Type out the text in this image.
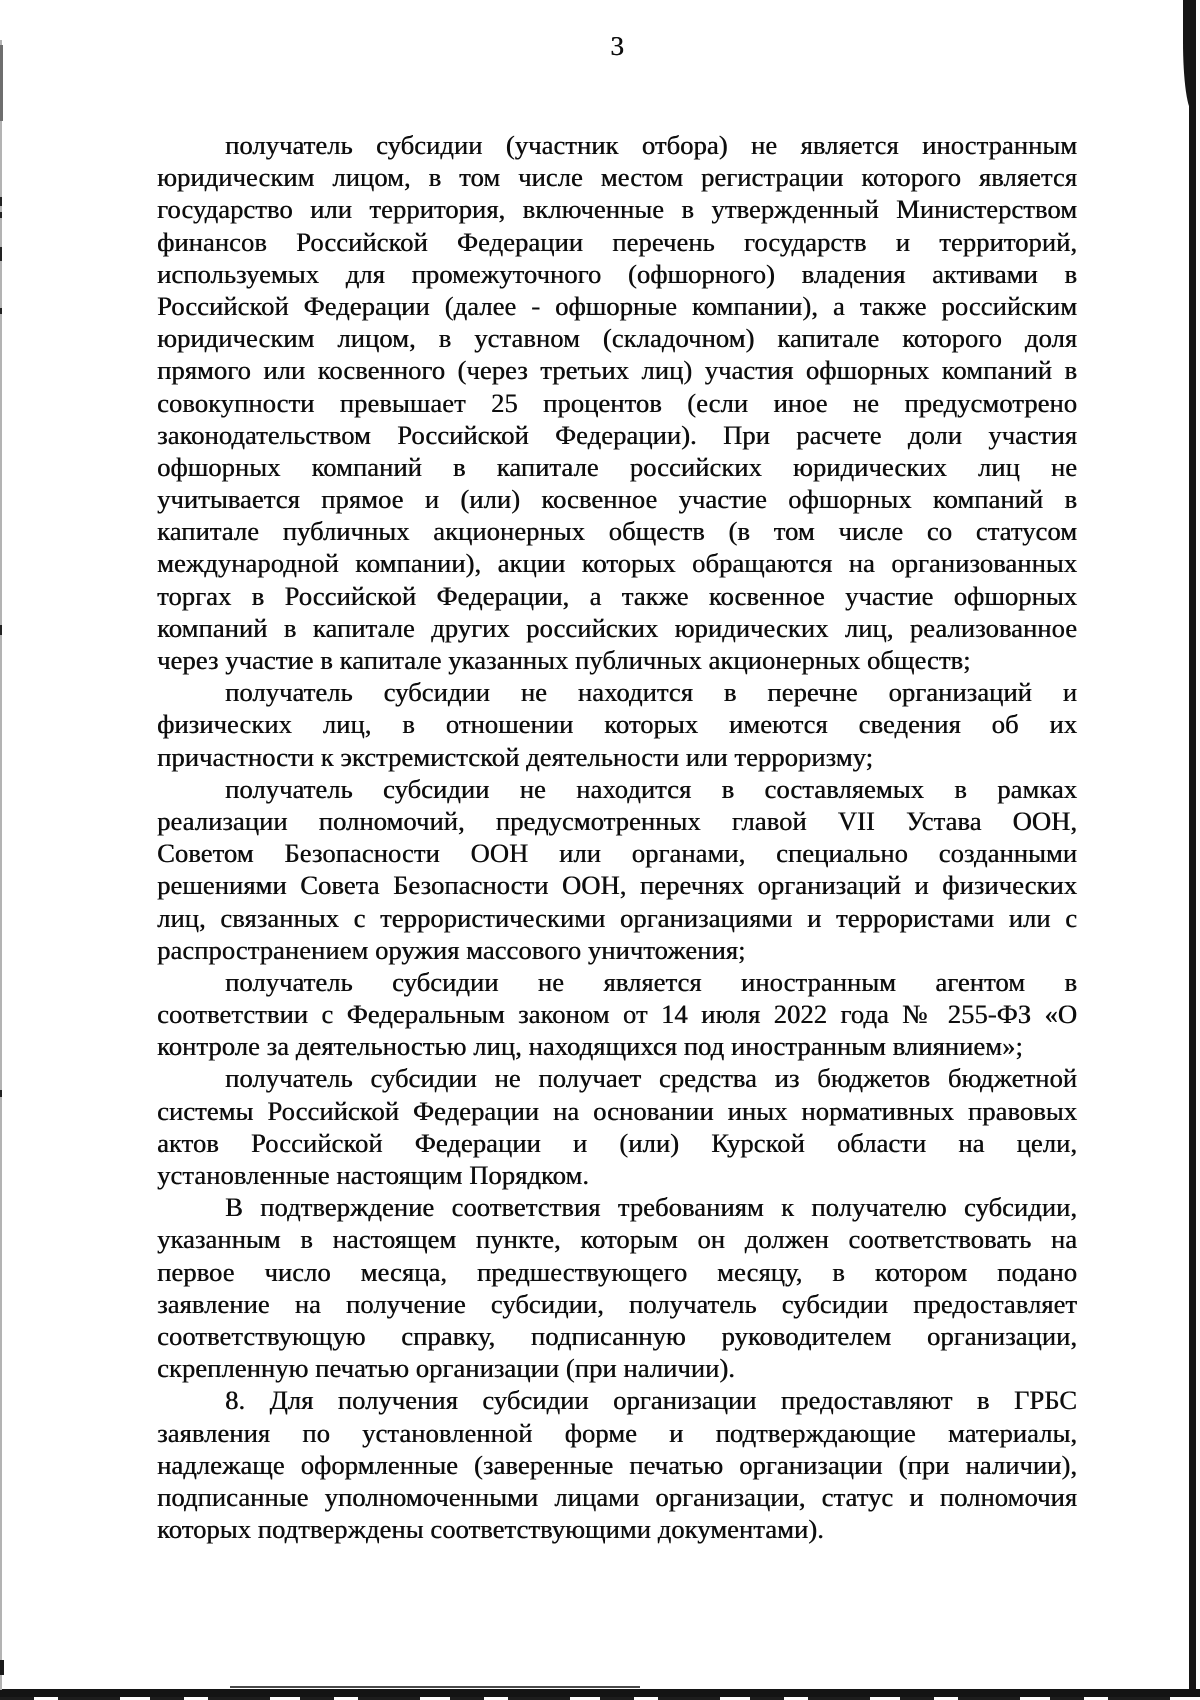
3
получатель субсидии (участник отбора) не является иностранным
юридическим лицом, в том числе местом регистрации которого является
государство или территория, включенные в утвержденный Министерством
финансов Российской Федерации перечень государств и территорий,
используемых для промежуточного (офшорного) владения активами в
Российской Федерации (далее - офшорные компании), а также российским
юридическим лицом, в уставном (складочном) капитале которого доля
прямого или косвенного (через третьих лиц) участия офшорных компаний в
совокупности превышает 25 процентов (если иное не предусмотрено
законодательством Российской Федерации). При расчете доли участия
офшорных компаний в капитале российских юридических лиц не
учитывается прямое и (или) косвенное участие офшорных компаний в
капитале публичных акционерных обществ (в том числе со статусом
международной компании), акции которых обращаются на организованных
торгах в Российской Федерации, а также косвенное участие офшорных
компаний в капитале других российских юридических лиц, реализованное
через участие в капитале указанных публичных акционерных обществ;
получатель субсидии не находится в перечне организаций и
физических лиц, в отношении которых имеются сведения об их
причастности к экстремистской деятельности или терроризму;
получатель субсидии не находится в составляемых в рамках
реализации полномочий, предусмотренных главой VII Устава ООН,
Советом Безопасности ООН или органами, специально созданными
решениями Совета Безопасности ООН, перечнях организаций и физических
лиц, связанных с террористическими организациями и террористами или с
распространением оружия массового уничтожения;
получатель субсидии не является иностранным агентом в
соответствии с Федеральным законом от 14 июля 2022 года № 255-ФЗ «О
контроле за деятельностью лиц, находящихся под иностранным влиянием»;
получатель субсидии не получает средства из бюджетов бюджетной
системы Российской Федерации на основании иных нормативных правовых
актов Российской Федерации и (или) Курской области на цели,
установленные настоящим Порядком.
В подтверждение соответствия требованиям к получателю субсидии,
указанным в настоящем пункте, которым он должен соответствовать на
первое число месяца, предшествующего месяцу, в котором подано
заявление на получение субсидии, получатель субсидии предоставляет
соответствующую справку, подписанную руководителем организации,
скрепленную печатью организации (при наличии).
8. Для получения субсидии организации предоставляют в ГРБС
заявления по установленной форме и подтверждающие материалы,
надлежаще оформленные (заверенные печатью организации (при наличии),
подписанные уполномоченными лицами организации, статус и полномочия
которых подтверждены соответствующими документами).
